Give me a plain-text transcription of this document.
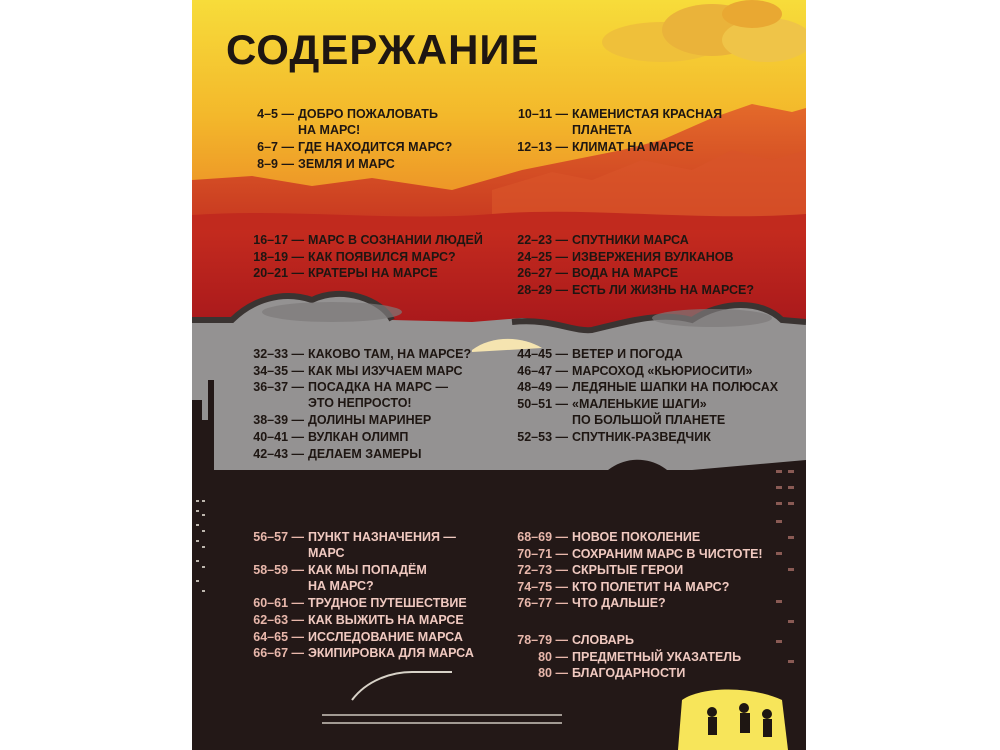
СОДЕРЖАНИЕ
4–5 — ДОБРО ПОЖАЛОВАТЬ
НА МАРС!
6–7 — ГДЕ НАХОДИТСЯ МАРС?
8–9 — ЗЕМЛЯ И МАРС
10–11 — КАМЕНИСТАЯ КРАСНАЯ
ПЛАНЕТА
12–13 — КЛИМАТ НА МАРСЕ
16–17 — МАРС В СОЗНАНИИ ЛЮДЕЙ
18–19 — КАК ПОЯВИЛСЯ МАРС?
20–21 — КРАТЕРЫ НА МАРСЕ
22–23 — СПУТНИКИ МАРСА
24–25 — ИЗВЕРЖЕНИЯ ВУЛКАНОВ
26–27 — ВОДА НА МАРСЕ
28–29 — ЕСТЬ ЛИ ЖИЗНЬ НА МАРСЕ?
32–33 — КАКОВО ТАМ, НА МАРСЕ?
34–35 — КАК МЫ ИЗУЧАЕМ МАРС
36–37 — ПОСАДКА НА МАРС —
ЭТО НЕПРОСТО!
38–39 — ДОЛИНЫ МАРИНЕР
40–41 — ВУЛКАН ОЛИМП
42–43 — ДЕЛАЕМ ЗАМЕРЫ
44–45 — ВЕТЕР И ПОГОДА
46–47 — МАРСОХОД «КЬЮРИОСИТИ»
48–49 — ЛЕДЯНЫЕ ШАПКИ НА ПОЛЮСАХ
50–51 — «МАЛЕНЬКИЕ ШАГИ»
ПО БОЛЬШОЙ ПЛАНЕТЕ
52–53 — СПУТНИК-РАЗВЕДЧИК
56–57 — ПУНКТ НАЗНАЧЕНИЯ —
МАРС
58–59 — КАК МЫ ПОПАДЁМ
НА МАРС?
60–61 — ТРУДНОЕ ПУТЕШЕСТВИЕ
62–63 — КАК ВЫЖИТЬ НА МАРСЕ
64–65 — ИССЛЕДОВАНИЕ МАРСА
66–67 — ЭКИПИРОВКА ДЛЯ МАРСА
68–69 — НОВОЕ ПОКОЛЕНИЕ
70–71 — СОХРАНИМ МАРС В ЧИСТОТЕ!
72–73 — СКРЫТЫЕ ГЕРОИ
74–75 — КТО ПОЛЕТИТ НА МАРС?
76–77 — ЧТО ДАЛЬШЕ?
78–79 — СЛОВАРЬ
80 — ПРЕДМЕТНЫЙ УКАЗАТЕЛЬ
80 — БЛАГОДАРНОСТИ
